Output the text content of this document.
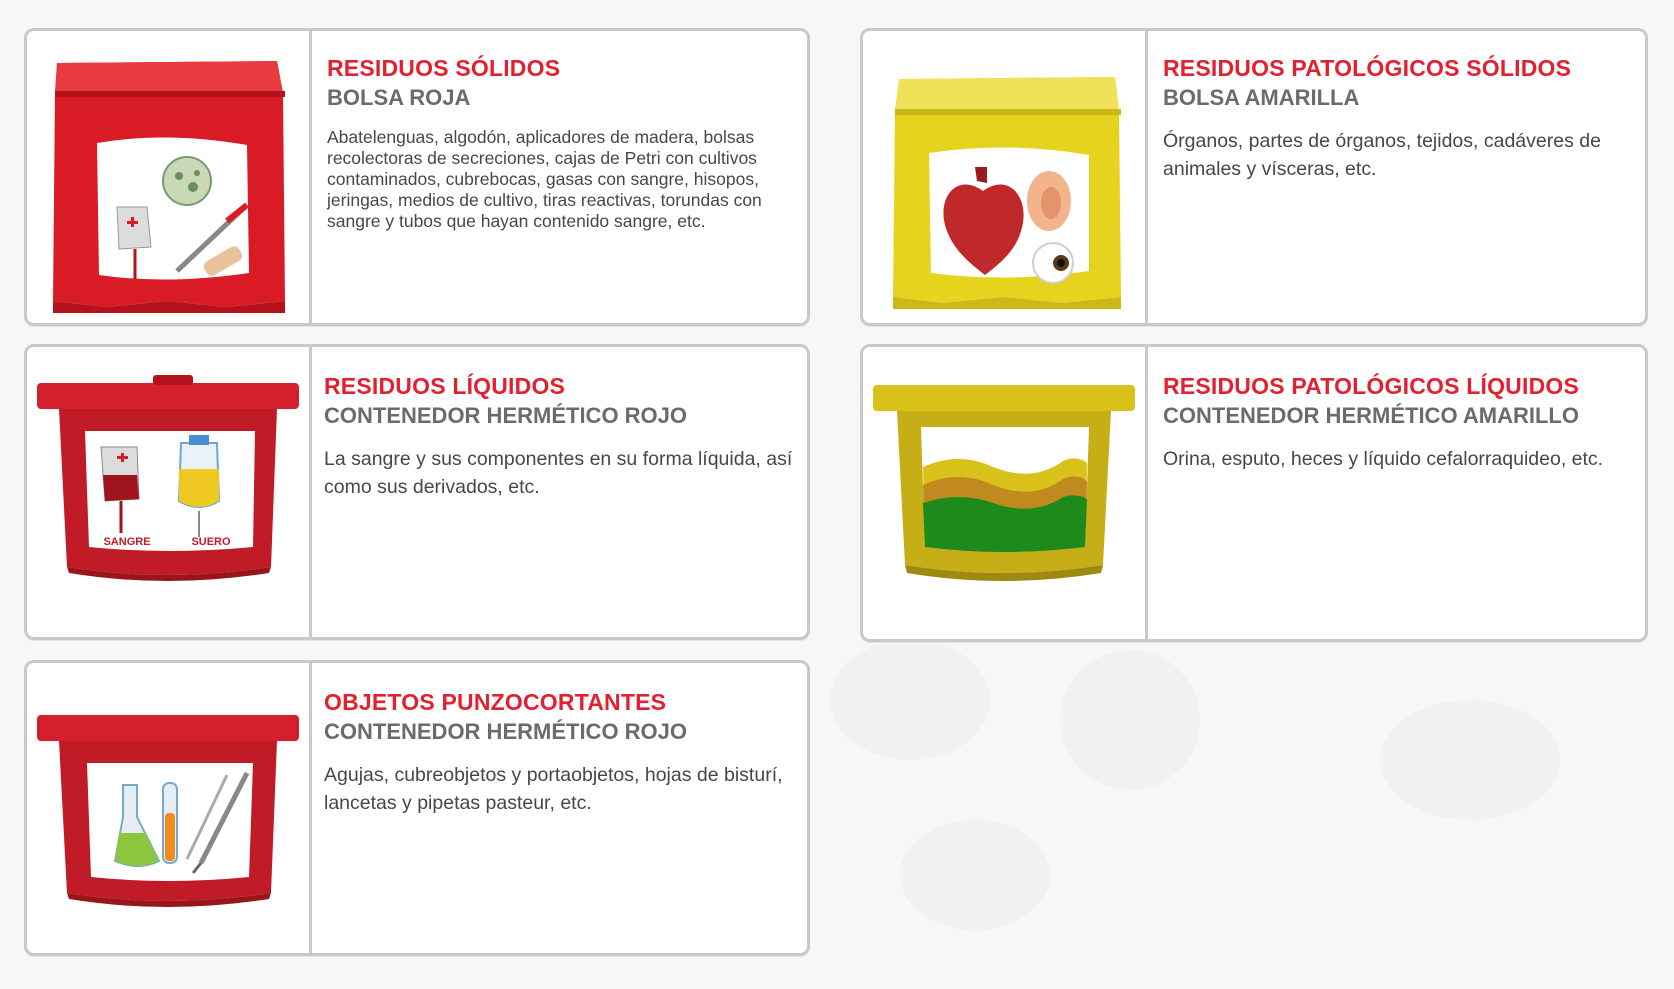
RESIDUOS SÓLIDOS
BOLSA ROJA
Abatelenguas, algodón, aplicadores de madera, bolsas recolectoras de secreciones, cajas de Petri con cultivos contaminados, cubrebocas, gasas con sangre, hisopos, jeringas, medios de cultivo, tiras reactivas, torundas con sangre y tubos que hayan contenido sangre, etc.
RESIDUOS PATOLÓGICOS SÓLIDOS
BOLSA AMARILLA
Órganos, partes de órganos, tejidos, cadáveres de animales y vísceras, etc.
SANGRE	SUERO
RESIDUOS LÍQUIDOS
CONTENEDOR HERMÉTICO ROJO
La sangre y sus componentes en su forma líquida, así como sus derivados, etc.
RESIDUOS PATOLÓGICOS LÍQUIDOS
CONTENEDOR HERMÉTICO AMARILLO
Orina, esputo, heces y líquido cefalorraquideo, etc.
OBJETOS PUNZOCORTANTES
CONTENEDOR HERMÉTICO ROJO
Agujas, cubreobjetos y portaobjetos, hojas de bisturí, lancetas y pipetas pasteur, etc.
